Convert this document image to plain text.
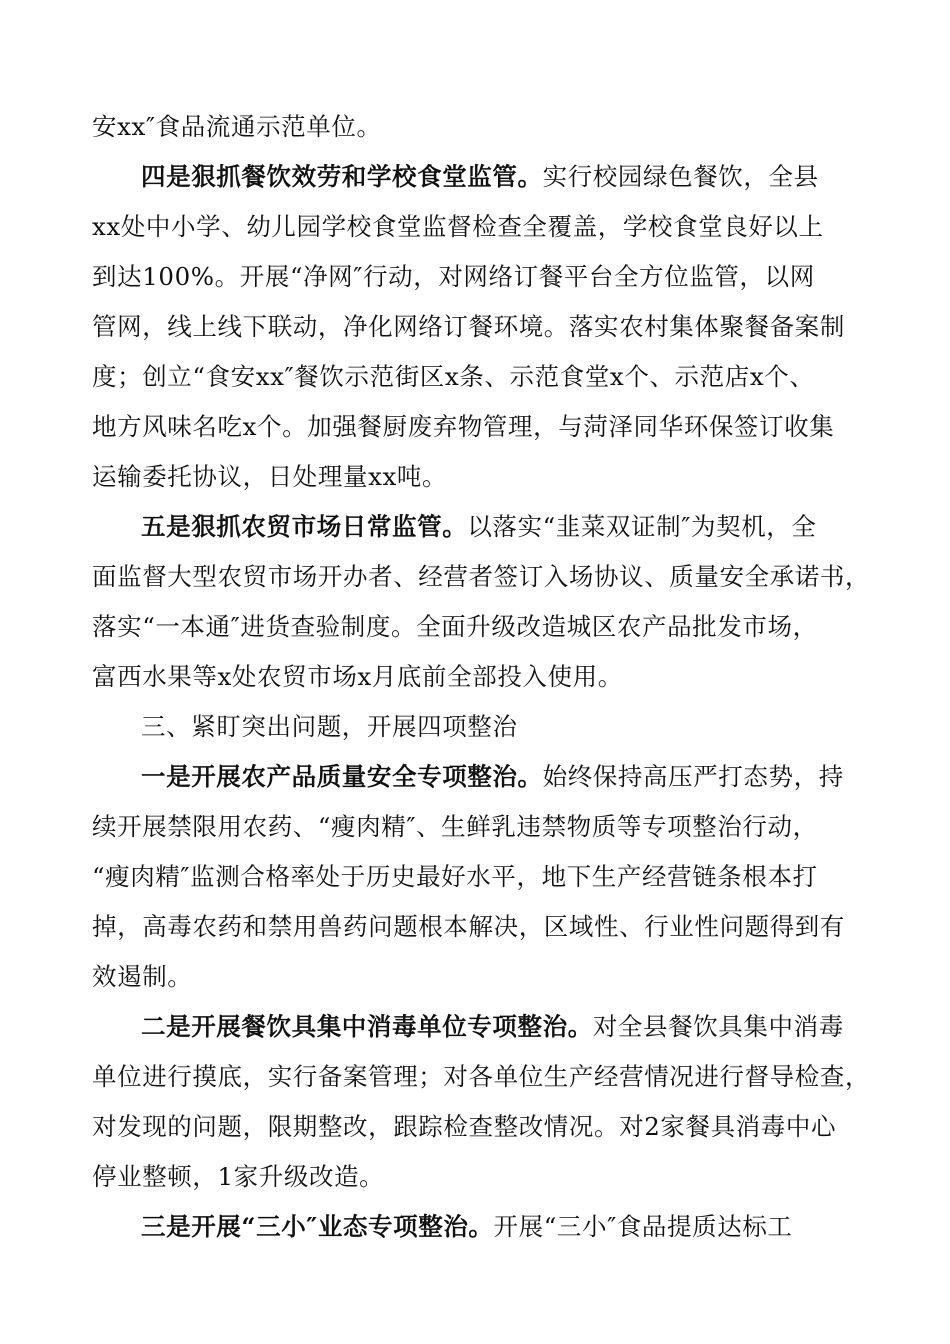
安xx″食品流通示范单位。
四是狠抓餐饮效劳和学校食堂监管。实行校园绿色餐饮，全县
xx处中小学、幼儿园学校食堂监督检查全覆盖，学校食堂良好以上
到达100%。开展“净网″行动，对网络订餐平台全方位监管，以网
管网，线上线下联动，净化网络订餐环境。落实农村集体聚餐备案制
度；创立“食安xx″餐饮示范街区x条、示范食堂x个、示范店x个、
地方风味名吃x个。加强餐厨废弃物管理，与菏泽同华环保签订收集
运输委托协议，日处理量xx吨。
五是狠抓农贸市场日常监管。以落实“韭菜双证制″为契机，全
面监督大型农贸市场开办者、经营者签订入场协议、质量安全承诺书，
落实“一本通″进货查验制度。全面升级改造城区农产品批发市场，
富西水果等x处农贸市场x月底前全部投入使用。
三、紧盯突出问题，开展四项整治
一是开展农产品质量安全专项整治。始终保持高压严打态势，持
续开展禁限用农药、“瘦肉精″、生鲜乳违禁物质等专项整治行动，
“瘦肉精″监测合格率处于历史最好水平，地下生产经营链条根本打
掉，高毒农药和禁用兽药问题根本解决，区域性、行业性问题得到有
效遏制。
二是开展餐饮具集中消毒单位专项整治。对全县餐饮具集中消毒
单位进行摸底，实行备案管理；对各单位生产经营情况进行督导检查，
对发现的问题，限期整改，跟踪检查整改情况。对2家餐具消毒中心
停业整顿，1家升级改造。
三是开展“三小″业态专项整治。开展“三小″食品提质达标工
